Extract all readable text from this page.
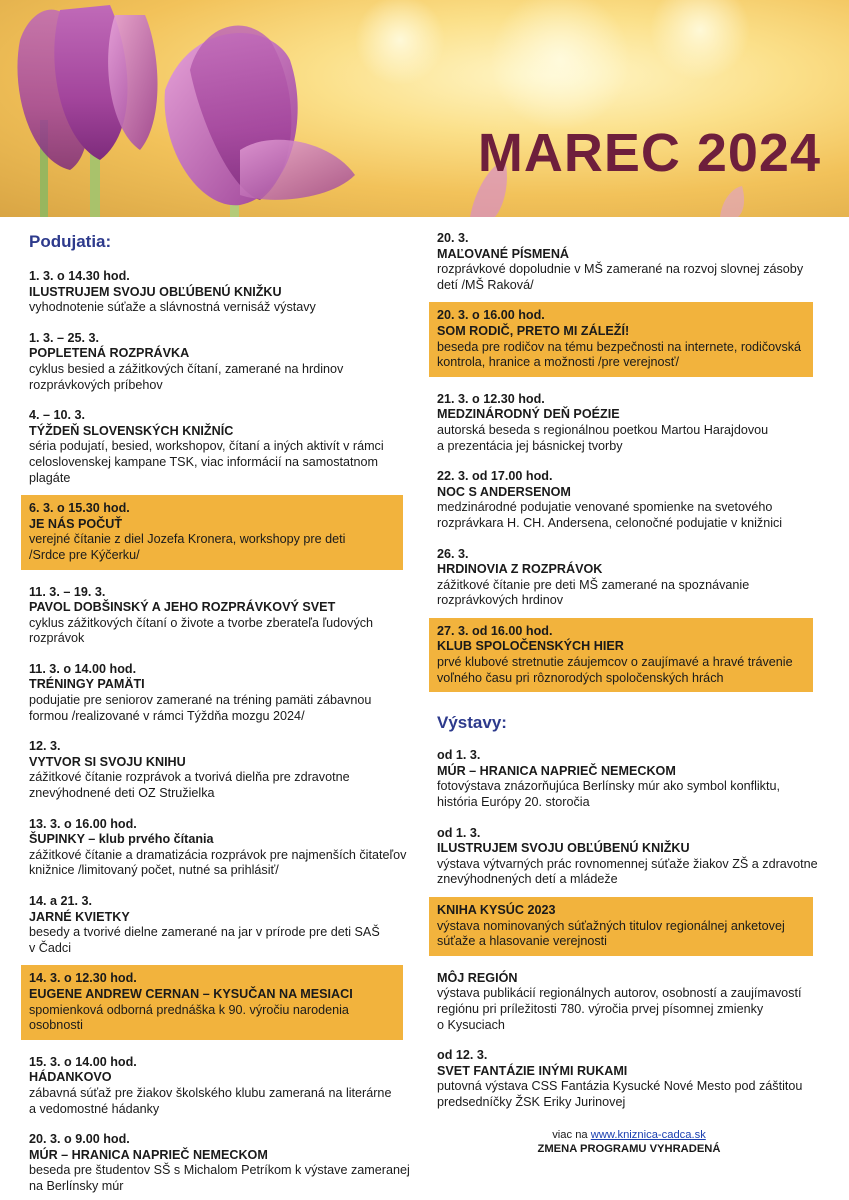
MAREC 2024
Podujatia:
1. 3. o 14.30 hod.
ILUSTRUJEM SVOJU OBĽÚBENÚ KNIŽKU
vyhodnotenie súťaže a slávnostná vernisáž výstavy
1. 3. – 25. 3.
POPLETENÁ ROZPRÁVKA
cyklus besied a zážitkových čítaní, zamerané na hrdinov
rozprávkových príbehov
4. – 10. 3.
TÝŽDEŇ SLOVENSKÝCH KNIŽNÍC
séria podujatí, besied, workshopov, čítaní a iných aktivít v rámci
celoslovenskej kampane TSK, viac informácií na samostatnom
plagáte
6. 3. o 15.30 hod.
JE NÁS POČUŤ
verejné čítanie z diel Jozefa Kronera, workshopy pre deti
/Srdce pre Kýčerku/
11. 3. – 19. 3.
PAVOL DOBŠINSKÝ A JEHO ROZPRÁVKOVÝ SVET
cyklus zážitkových čítaní o živote a tvorbe zberateľa ľudových
rozprávok
11. 3. o 14.00 hod.
TRÉNINGY PAMÄTI
podujatie pre seniorov zamerané na tréning pamäti zábavnou
formou /realizované v rámci Týždňa mozgu 2024/
12. 3.
VYTVOR SI SVOJU KNIHU
zážitkové čítanie rozprávok a tvorivá dielňa pre zdravotne
znevýhodnené deti OZ Stružielka
13. 3. o 16.00 hod.
ŠUPINKY – klub prvého čítania
zážitkové čítanie a dramatizácia rozprávok pre najmenších čitateľov
knižnice /limitovaný počet, nutné sa prihlásiť/
14. a 21. 3.
JARNÉ KVIETKY
besedy a tvorivé dielne zamerané na jar v prírode pre deti SAŠ
v Čadci
14. 3. o 12.30 hod.
EUGENE ANDREW CERNAN – KYSUČAN NA MESIACI
spomienková odborná prednáška k 90. výročiu narodenia osobnosti
15. 3. o 14.00 hod.
HÁDANKOVO
zábavná súťaž pre žiakov školského klubu zameraná na literárne
a vedomostné hádanky
20. 3. o 9.00 hod.
MÚR – HRANICA NAPRIEČ NEMECKOM
beseda pre študentov SŠ s Michalom Petríkom k výstave zameranej
na Berlínsky múr
20. 3.
MAĽOVANÉ PÍSMENÁ
rozprávkové dopoludnie v MŠ zamerané na rozvoj slovnej zásoby
detí /MŠ Raková/
20. 3. o 16.00 hod.
SOM RODIČ, PRETO MI ZÁLEŽÍ!
beseda pre rodičov na tému bezpečnosti na internete, rodičovská
kontrola, hranice a možnosti /pre verejnosť/
21. 3. o 12.30 hod.
MEDZINÁRODNÝ DEŇ POÉZIE
autorská beseda s regionálnou poetkou Martou Harajdovou
a prezentácia jej básnickej tvorby
22. 3. od 17.00 hod.
NOC S ANDERSENOM
medzinárodné podujatie venované spomienke na svetového
rozprávkara H. CH. Andersena, celonočné podujatie v knižnici
26. 3.
HRDINOVIA Z ROZPRÁVOK
zážitkové čítanie pre deti MŠ zamerané na spoznávanie
rozprávkových hrdinov
27. 3. od 16.00 hod.
KLUB SPOLOČENSKÝCH HIER
prvé klubové stretnutie záujemcov o zaujímavé a hravé trávenie
voľného času pri rôznorodých spoločenských hrách
Výstavy:
od 1. 3.
MÚR – HRANICA NAPRIEČ NEMECKOM
fotovýstava znázorňujúca Berlínsky múr ako symbol konfliktu,
história Európy 20. storočia
od 1. 3.
ILUSTRUJEM SVOJU OBĽÚBENÚ KNIŽKU
výstava výtvarných prác rovnomennej súťaže žiakov ZŠ a zdravotne
znevýhodnených detí a mládeže
KNIHA KYSÚC 2023
výstava nominovaných súťažných titulov regionálnej anketovej
súťaže a hlasovanie verejnosti
MÔJ REGIÓN
výstava publikácií regionálnych autorov, osobností a zaujímavostí
regiónu pri príležitosti 780. výročia prvej písomnej zmienky
o Kysuciach
od 12. 3.
SVET FANTÁZIE INÝMI RUKAMI
putovná výstava CSS Fantázia Kysucké Nové Mesto pod záštitou
predsedníčky ŽSK Eriky Jurinovej
viac na www.kniznica-cadca.sk
ZMENA PROGRAMU VYHRADENÁ
